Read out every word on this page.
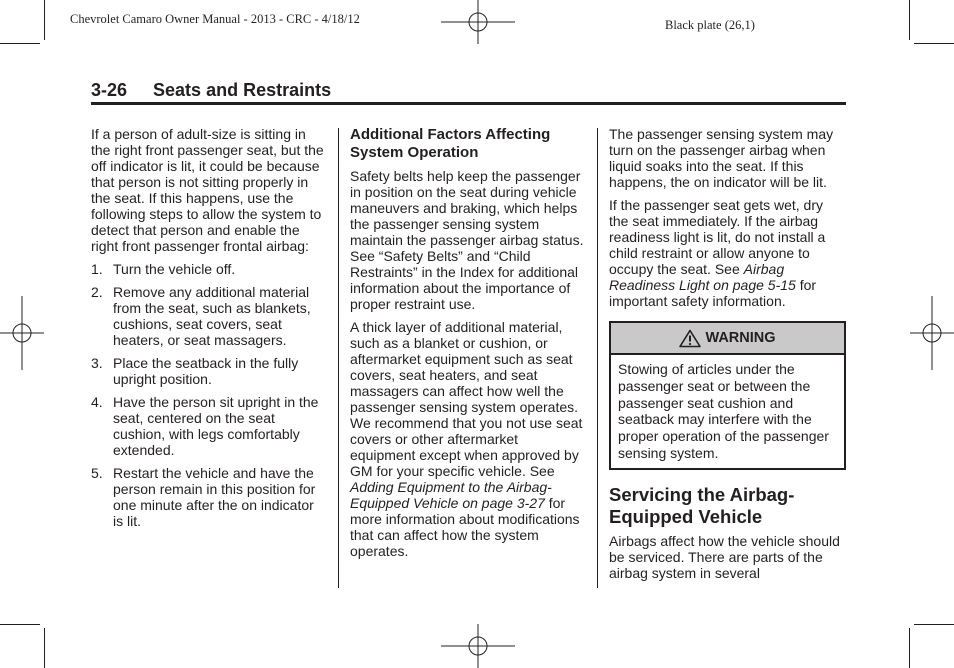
Chevrolet Camaro Owner Manual - 2013 - CRC - 4/18/12	Black plate (26,1)
3-26 Seats and Restraints

If a person of adult-size is sitting in the right front passenger seat, but the off indicator is lit, it could be because that person is not sitting properly in the seat. If this happens, use the following steps to allow the system to detect that person and enable the right front passenger frontal airbag:

1. Turn the vehicle off.
2. Remove any additional material from the seat, such as blankets, cushions, seat covers, seat heaters, or seat massagers.
3. Place the seatback in the fully upright position.
4. Have the person sit upright in the seat, centered on the seat cushion, with legs comfortably extended.
5. Restart the vehicle and have the person remain in this position for one minute after the on indicator is lit.
Additional Factors Affecting System Operation

Safety belts help keep the passenger in position on the seat during vehicle maneuvers and braking, which helps the passenger sensing system maintain the passenger airbag status. See “Safety Belts” and “Child Restraints” in the Index for additional information about the importance of proper restraint use.

A thick layer of additional material, such as a blanket or cushion, or aftermarket equipment such as seat covers, seat heaters, and seat massagers can affect how well the passenger sensing system operates. We recommend that you not use seat covers or other aftermarket equipment except when approved by GM for your specific vehicle. See Adding Equipment to the Airbag-Equipped Vehicle on page 3-27 for more information about modifications that can affect how the system operates.

The passenger sensing system may turn on the passenger airbag when liquid soaks into the seat. If this happens, the on indicator will be lit.

If the passenger seat gets wet, dry the seat immediately. If the airbag readiness light is lit, do not install a child restraint or allow anyone to occupy the seat. See Airbag Readiness Light on page 5-15 for important safety information.

WARNING
Stowing of articles under the passenger seat or between the passenger seat cushion and seatback may interfere with the proper operation of the passenger sensing system.
Servicing the Airbag-Equipped Vehicle

Airbags affect how the vehicle should be serviced. There are parts of the airbag system in several
